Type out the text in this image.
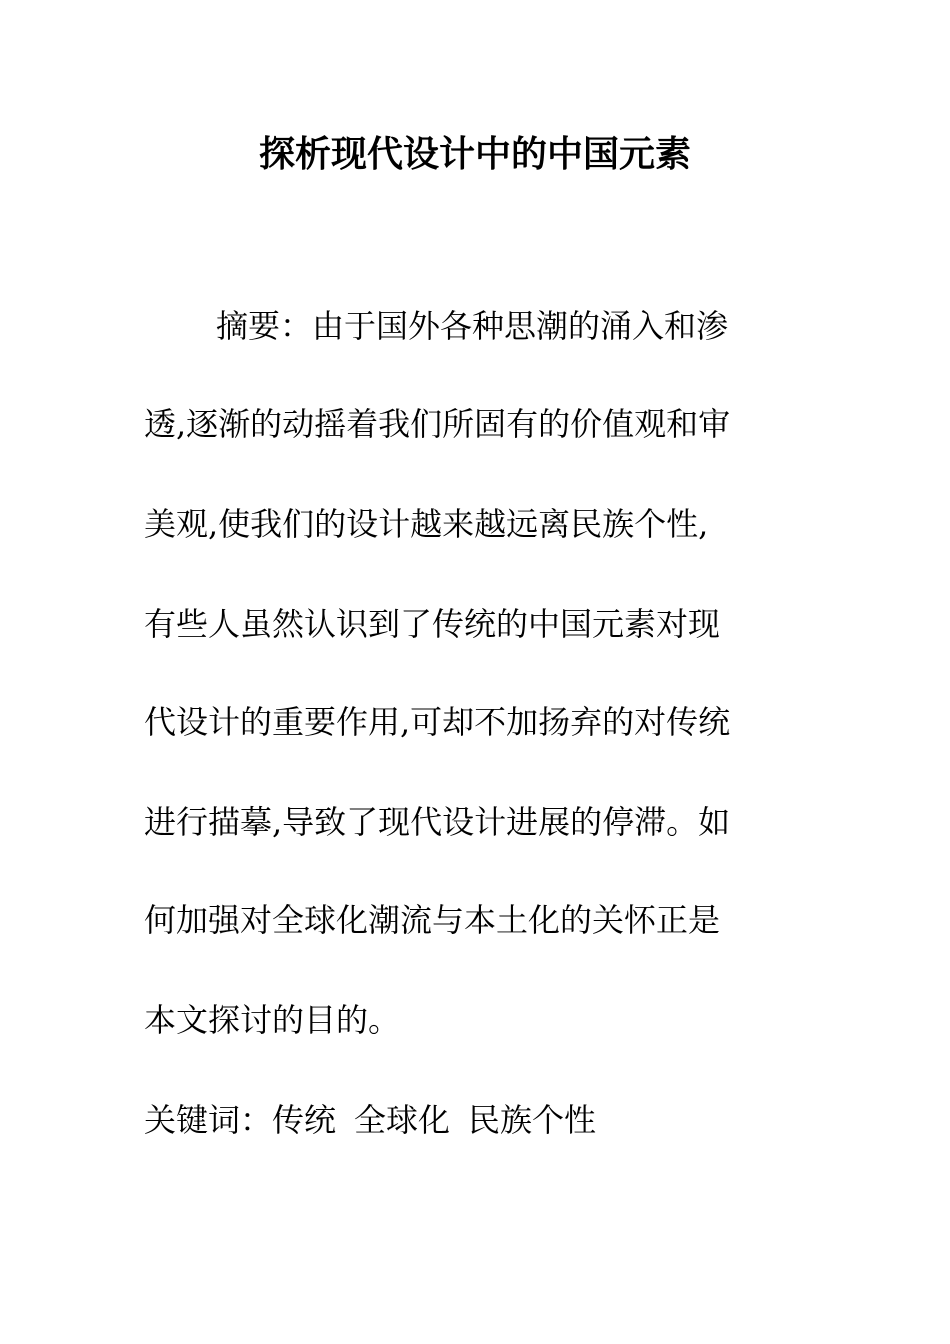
探析现代设计中的中国元素
摘要：由于国外各种思潮的涌入和渗
透,逐渐的动摇着我们所固有的价值观和审
美观,使我们的设计越来越远离民族个性,
有些人虽然认识到了传统的中国元素对现
代设计的重要作用,可却不加扬弃的对传统
进行描摹,导致了现代设计进展的停滞。如
何加强对全球化潮流与本土化的关怀正是
本文探讨的目的。
关键词：传统 全球化 民族个性
